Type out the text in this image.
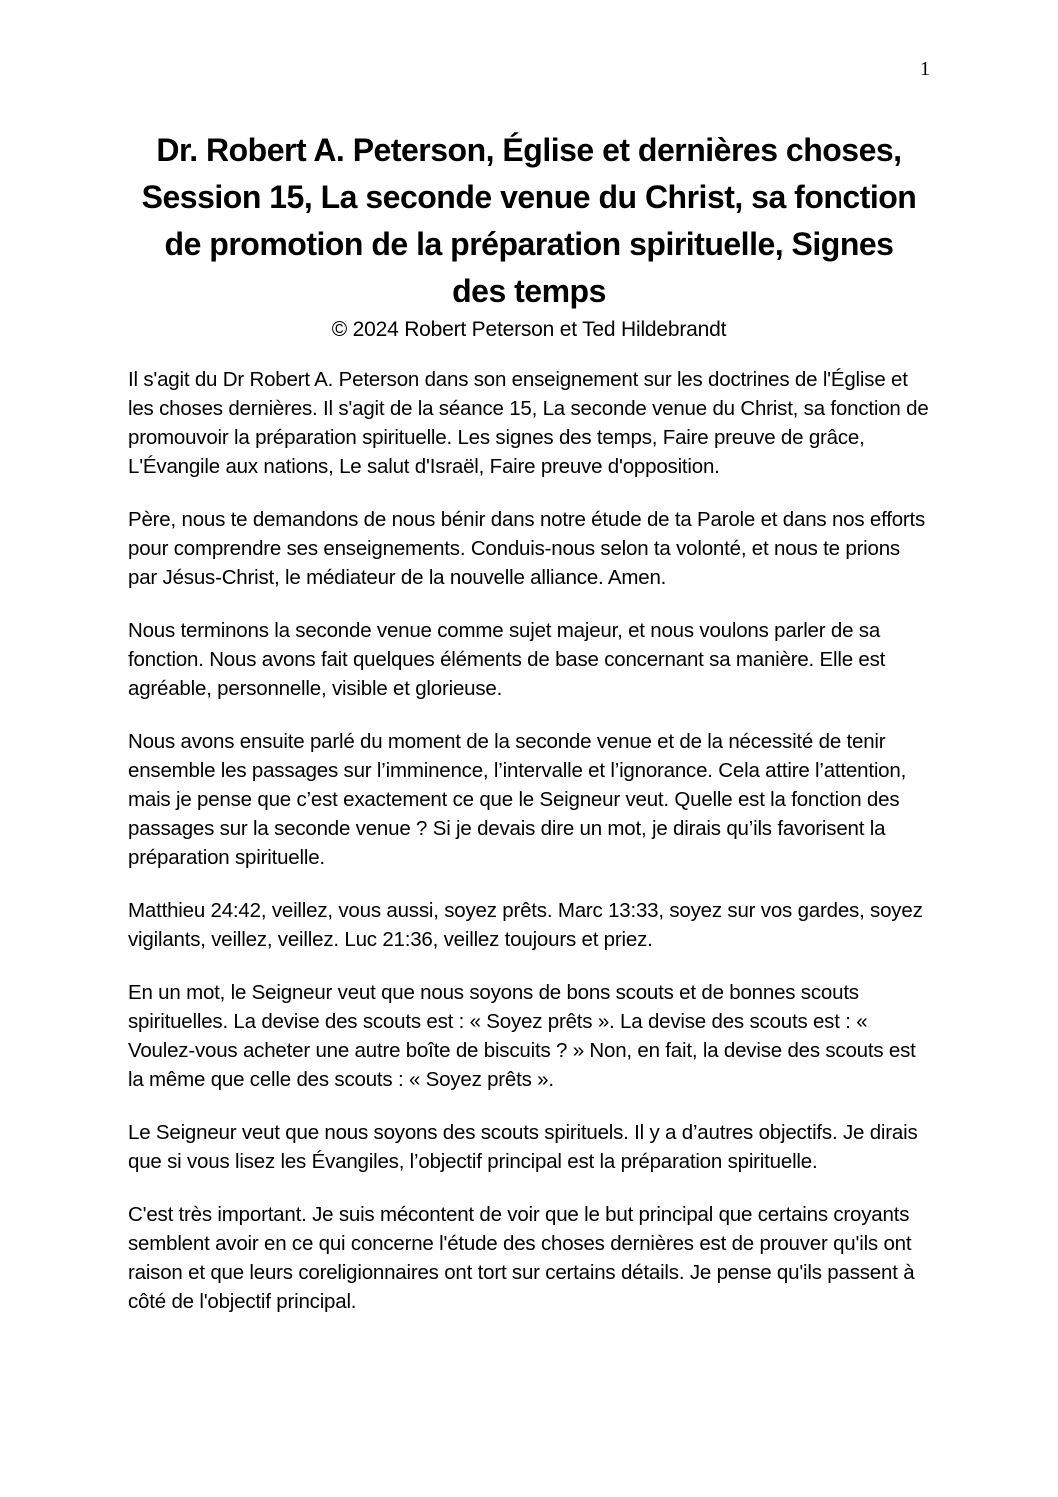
1
Dr. Robert A. Peterson, Église et dernières choses,
Session 15, La seconde venue du Christ, sa fonction
de promotion de la préparation spirituelle, Signes
des temps
© 2024 Robert Peterson et Ted Hildebrandt

Il s'agit du Dr Robert A. Peterson dans son enseignement sur les doctrines de l'Église et les choses dernières. Il s'agit de la séance 15, La seconde venue du Christ, sa fonction de promouvoir la préparation spirituelle. Les signes des temps, Faire preuve de grâce, L'Évangile aux nations, Le salut d'Israël, Faire preuve d'opposition.

Père, nous te demandons de nous bénir dans notre étude de ta Parole et dans nos efforts pour comprendre ses enseignements. Conduis-nous selon ta volonté, et nous te prions par Jésus-Christ, le médiateur de la nouvelle alliance. Amen.

Nous terminons la seconde venue comme sujet majeur, et nous voulons parler de sa fonction. Nous avons fait quelques éléments de base concernant sa manière. Elle est agréable, personnelle, visible et glorieuse.

Nous avons ensuite parlé du moment de la seconde venue et de la nécessité de tenir ensemble les passages sur l’imminence, l’intervalle et l’ignorance. Cela attire l’attention, mais je pense que c’est exactement ce que le Seigneur veut. Quelle est la fonction des passages sur la seconde venue ? Si je devais dire un mot, je dirais qu’ils favorisent la préparation spirituelle.

Matthieu 24:42, veillez, vous aussi, soyez prêts. Marc 13:33, soyez sur vos gardes, soyez vigilants, veillez, veillez. Luc 21:36, veillez toujours et priez.

En un mot, le Seigneur veut que nous soyons de bons scouts et de bonnes scouts spirituelles. La devise des scouts est : « Soyez prêts ». La devise des scouts est : « Voulez-vous acheter une autre boîte de biscuits ? » Non, en fait, la devise des scouts est la même que celle des scouts : « Soyez prêts ».

Le Seigneur veut que nous soyons des scouts spirituels. Il y a d’autres objectifs. Je dirais que si vous lisez les Évangiles, l’objectif principal est la préparation spirituelle.

C'est très important. Je suis mécontent de voir que le but principal que certains croyants semblent avoir en ce qui concerne l'étude des choses dernières est de prouver qu'ils ont raison et que leurs coreligionnaires ont tort sur certains détails. Je pense qu'ils passent à côté de l'objectif principal.
